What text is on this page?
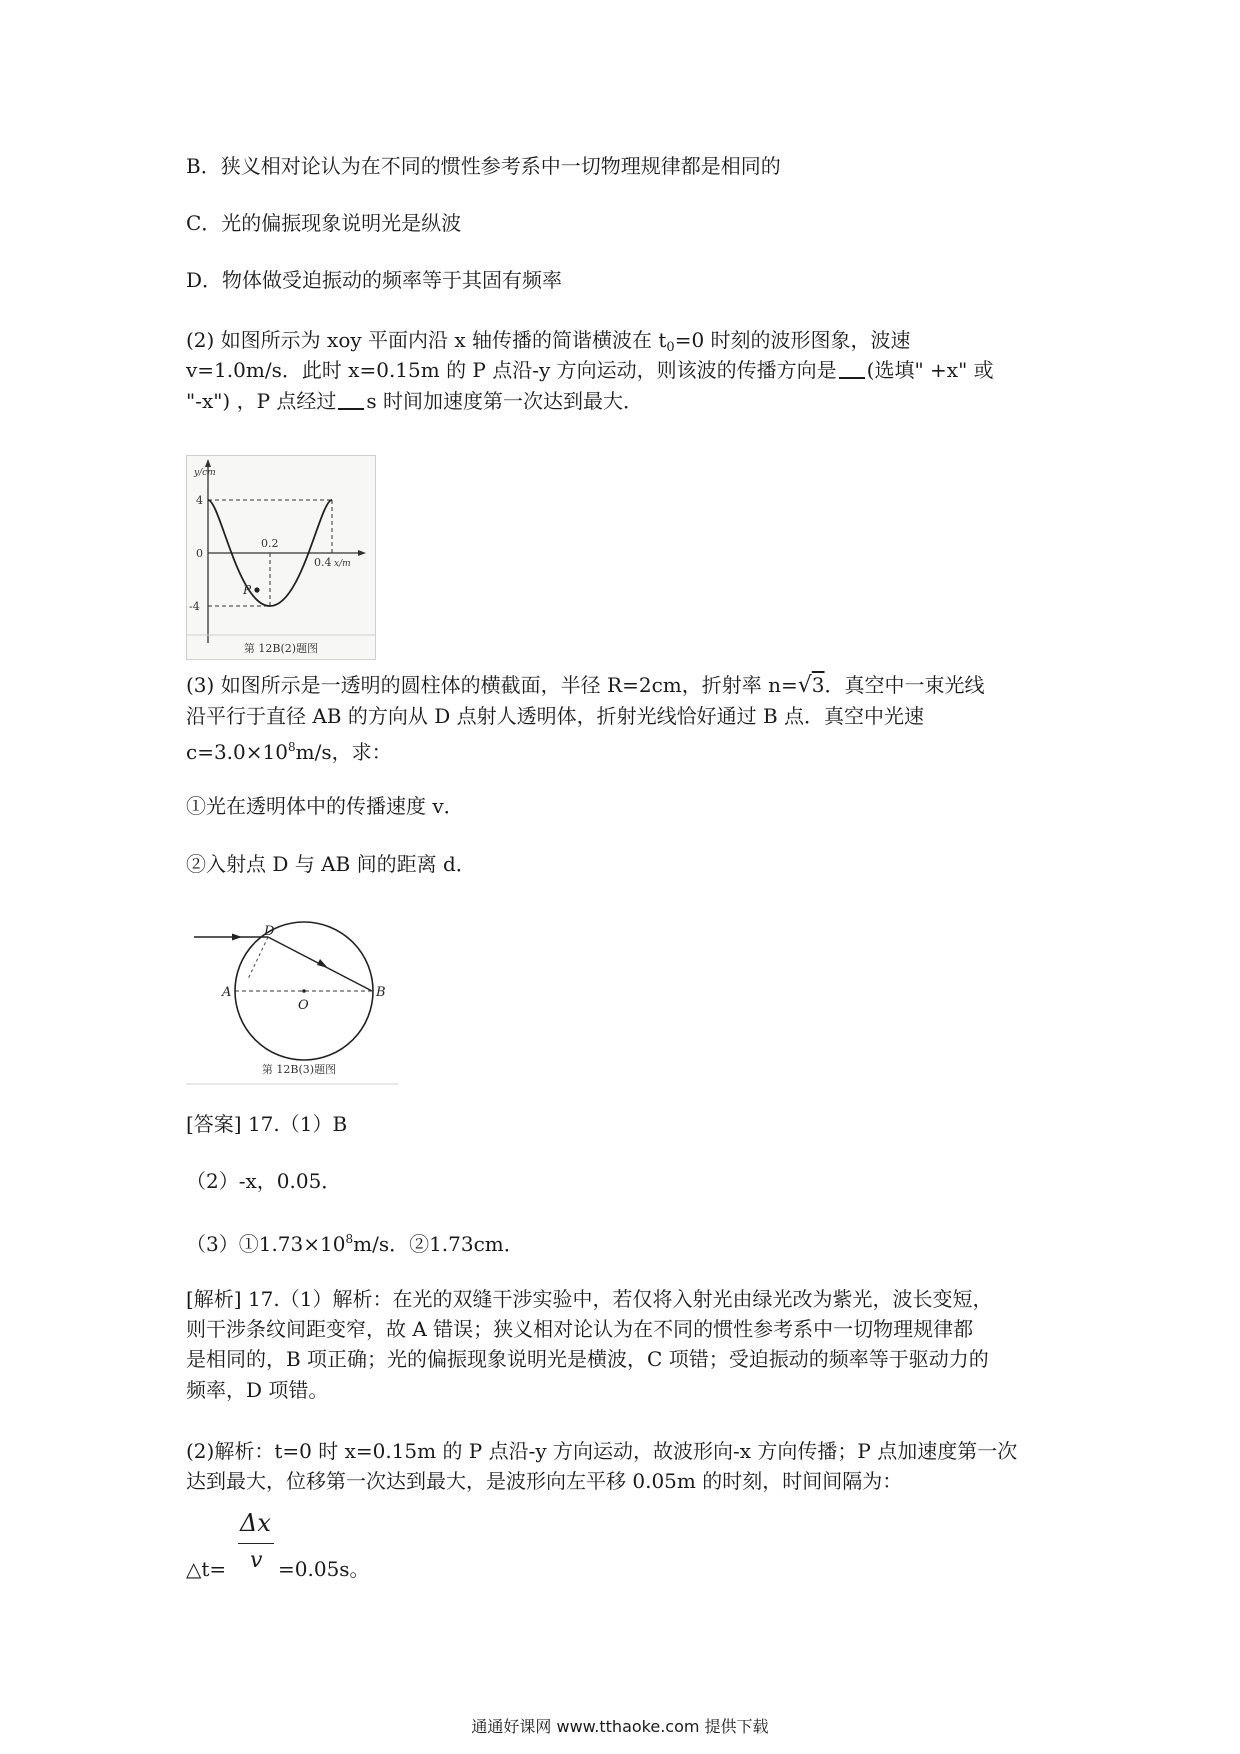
B．狭义相对论认为在不同的惯性参考系中一切物理规律都是相同的
C．光的偏振现象说明光是纵波
D．物体做受迫振动的频率等于其固有频率
(2) 如图所示为 xoy 平面内沿 x 轴传播的简谐横波在 $t_0=0$ 时刻的波形图象，波速
v=1.0m/s．此时 x=0.15m 的 P 点沿-y 方向运动，则该波的传播方向是 (选填" +x" 或
"-x") ，P 点经过 s 时间加速度第一次达到最大．
y/cm
x/m
4
0
-4
0.2
0.4
P
第 12B(2)题图
(3) 如图所示是一透明的圆柱体的横截面，半径 R=2cm，折射率 n=√3．真空中一束光线
沿平行于直径 AB 的方向从 D 点射人透明体，折射光线恰好通过 B 点．真空中光速
$c=3.0\times 10^8m/s$，求：
①光在透明体中的传播速度 v．
②入射点 D 与 AB 间的距离 d．
D
A
O
B
第 12B(3)题图
[答案] 17.（1）B
（2）-x，0.05．
$(3)①1.73\times 10^8m/s$．②1.73cm．
[解析] 17.（1）解析：在光的双缝干涉实验中，若仅将入射光由绿光改为紫光，波长变短，
则干涉条纹间距变窄，故 A 错误；狭义相对论认为在不同的惯性参考系中一切物理规律都
是相同的，B 项正确；光的偏振现象说明光是横波，C 项错；受迫振动的频率等于驱动力的
频率，D 项错。
(2)解析：t=0 时 x=0.15m 的 P 点沿-y 方向运动，故波形向-x 方向传播；P 点加速度第一次
达到最大，位移第一次达到最大，是波形向左平移 0.05m 的时刻，时间间隔为：
△t=
Δx
v =0.05s。
通通好课网 www.tthaoke.com 提供下载
